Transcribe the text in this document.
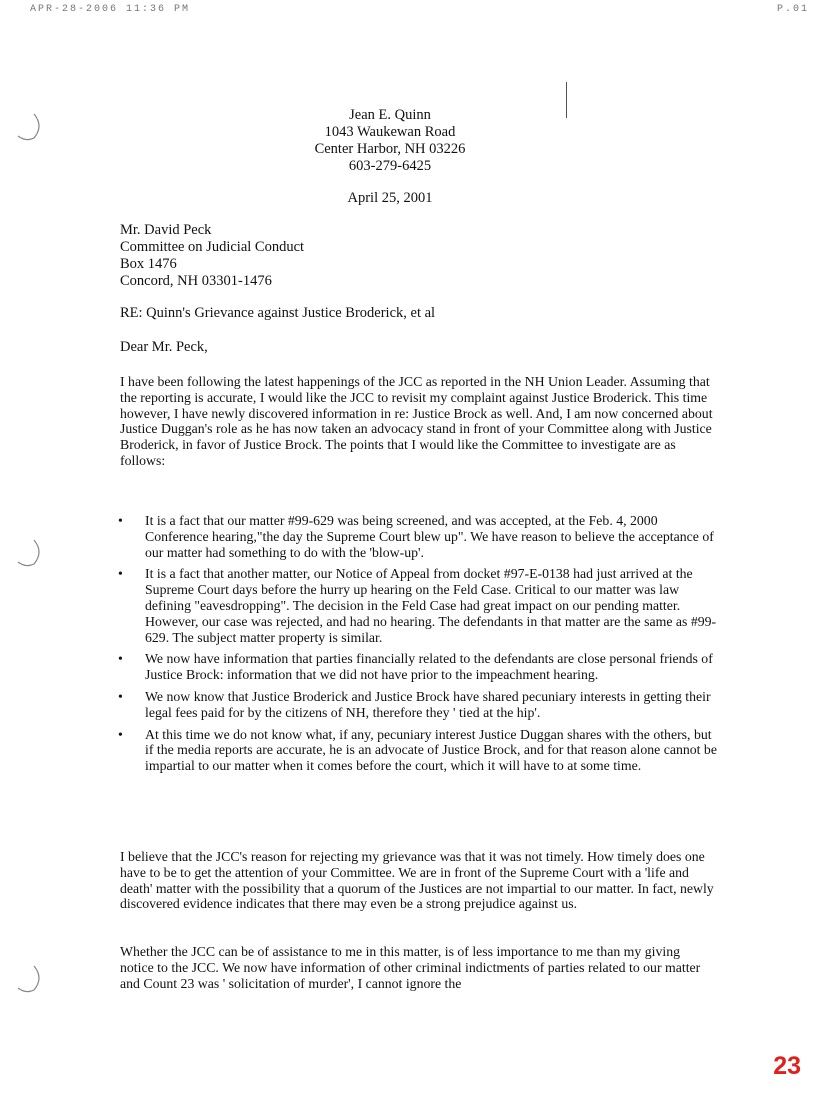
APR-28-2006 11:36 PM	P.01
Jean E. Quinn
1043 Waukewan Road
Center Harbor, NH 03226
603-279-6425
April 25, 2001
Mr. David Peck
Committee on Judicial Conduct
Box 1476
Concord, NH 03301-1476
RE: Quinn's Grievance against Justice Broderick, et al
Dear Mr. Peck,
I have been following the latest happenings of the JCC as reported in the NH Union Leader. Assuming that the reporting is accurate, I would like the JCC to revisit my complaint against Justice Broderick. This time however, I have newly discovered information in re: Justice Brock as well. And, I am now concerned about Justice Duggan's role as he has now taken an advocacy stand in front of your Committee along with Justice Broderick, in favor of Justice Brock. The points that I would like the Committee to investigate are as follows:
• It is a fact that our matter #99-629 was being screened, and was accepted, at the Feb. 4, 2000 Conference hearing,"the day the Supreme Court blew up". We have reason to believe the acceptance of our matter had something to do with the 'blow-up'.
• It is a fact that another matter, our Notice of Appeal from docket #97-E-0138 had just arrived at the Supreme Court days before the hurry up hearing on the Feld Case. Critical to our matter was law defining "eavesdropping". The decision in the Feld Case had great impact on our pending matter. However, our case was rejected, and had no hearing. The defendants in that matter are the same as #99-629. The subject matter property is similar.
• We now have information that parties financially related to the defendants are close personal friends of Justice Brock: information that we did not have prior to the impeachment hearing.
• We now know that Justice Broderick and Justice Brock have shared pecuniary interests in getting their legal fees paid for by the citizens of NH, therefore they ' tied at the hip'.
• At this time we do not know what, if any, pecuniary interest Justice Duggan shares with the others, but if the media reports are accurate, he is an advocate of Justice Brock, and for that reason alone cannot be impartial to our matter when it comes before the court, which it will have to at some time.
I believe that the JCC's reason for rejecting my grievance was that it was not timely. How timely does one have to be to get the attention of your Committee. We are in front of the Supreme Court with a 'life and death' matter with the possibility that a quorum of the Justices are not impartial to our matter. In fact, newly discovered evidence indicates that there may even be a strong prejudice against us.
Whether the JCC can be of assistance to me in this matter, is of less importance to me than my giving notice to the JCC. We now have information of other criminal indictments of parties related to our matter and Count 23 was ' solicitation of murder', I cannot ignore the
23
